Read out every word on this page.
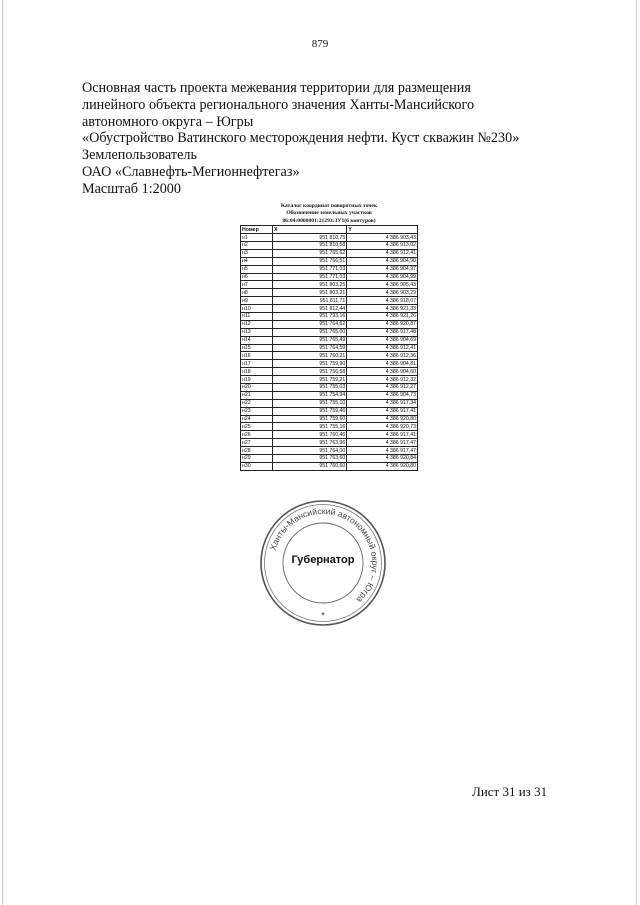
879
Основная часть проекта межевания территории для размещения
линейного объекта регионального значения Ханты-Мансийского
автономного округа – Югры
«Обустройство Ватинского месторождения нефти. Куст скважин №230»
Землепользователь
ОАО «Славнефть-Мегионнефтегаз»
Масштаб 1:2000
Каталог координат поворотных точек
Обозначение земельных участков
86:04:0000001:21293:ЗУ1(6 контуров)
Номер	X	Y
н1	951 810,75	4 386 903,43
н2	951 810,58	4 386 913,02
н3	951 765,62	4 386 912,41
н4	951 766,51	4 386 904,90
н5	951 771,03	4 386 904,97
н6	951 771,03	4 386 904,99
н7	951 803,25	4 386 905,43
н8	951 803,21	4 386 903,29
н9	951 811,71	4 386 918,07
н10	951 812,44	4 386 921,33
н11	951 793,16	4 386 921,26
н12	951 764,62	4 386 920,87
н13	951 765,00	4 386 917,48
н14	951 765,49	4 386 904,69
н15	951 764,59	4 386 912,41
н16	951 760,21	4 386 912,36
н17	951 759,90	4 386 904,81
н18	951 756,58	4 386 904,60
н19	951 759,21	4 386 912,32
н20	951 755,03	4 386 912,27
н21	951 754,94	4 386 904,73
н22	951 755,10	4 386 917,34
н23	951 759,46	4 386 917,41
н24	951 759,60	4 386 920,80
н25	951 755,16	4 386 920,73
н26	951 760,46	4 386 917,41
н27	951 763,96	4 386 917,47
н28	951 764,00	4 386 917,47
н29	951 763,60	4 386 920,84
н30	951 760,60	4 386 920,80
Ханты-Мансийский автономный округ – Югра
✦
Губернатор
Лист 31 из 31
